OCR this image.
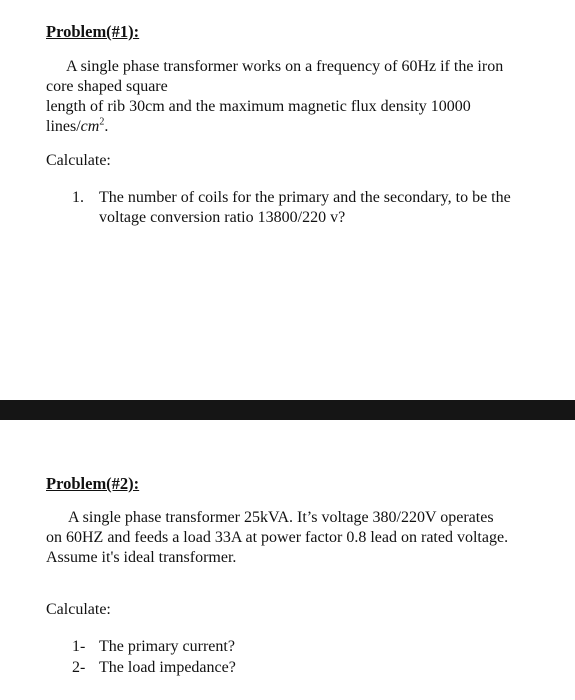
Problem(#1):
A single phase transformer works on a frequency of 60Hz if the iron
core shaped square
length of rib 30cm and the maximum magnetic flux density 10000
lines/$cm^2$.
Calculate:
1. The number of coils for the primary and the secondary, to be the
voltage conversion ratio 13800/220 v?
Problem(#2):
A single phase transformer 25kVA. It’s voltage 380/220V operates
on 60HZ and feeds a load 33A at power factor 0.8 lead on rated voltage.
Assume it's ideal transformer.
Calculate:
1- The primary current?
2- The load impedance?
